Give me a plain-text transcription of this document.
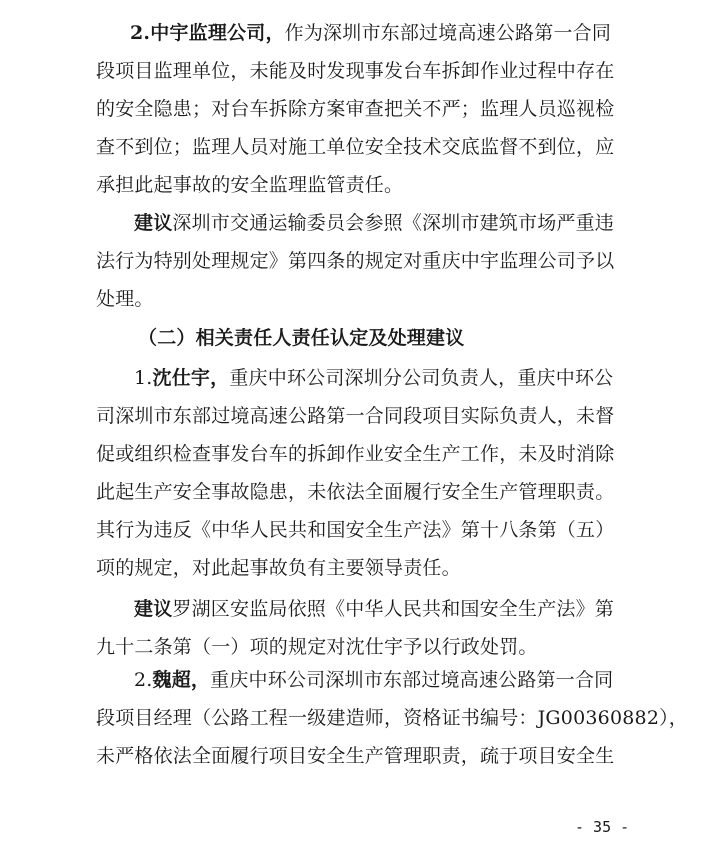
2.中宇监理公司，作为深圳市东部过境高速公路第一合同
段项目监理单位，未能及时发现事发台车拆卸作业过程中存在
的安全隐患；对台车拆除方案审查把关不严；监理人员巡视检
查不到位；监理人员对施工单位安全技术交底监督不到位，应
承担此起事故的安全监理监管责任。
建议深圳市交通运输委员会参照《深圳市建筑市场严重违
法行为特别处理规定》第四条的规定对重庆中宇监理公司予以
处理。
（二）相关责任人责任认定及处理建议
1.沈仕宇，重庆中环公司深圳分公司负责人，重庆中环公
司深圳市东部过境高速公路第一合同段项目实际负责人，未督
促或组织检查事发台车的拆卸作业安全生产工作，未及时消除
此起生产安全事故隐患，未依法全面履行安全生产管理职责。
其行为违反《中华人民共和国安全生产法》第十八条第（五）
项的规定，对此起事故负有主要领导责任。
建议罗湖区安监局依照《中华人民共和国安全生产法》第
九十二条第（一）项的规定对沈仕宇予以行政处罚。
2.魏超，重庆中环公司深圳市东部过境高速公路第一合同
段项目经理（公路工程一级建造师，资格证书编号：JG00360882），
未严格依法全面履行项目安全生产管理职责，疏于项目安全生
- 35 -
